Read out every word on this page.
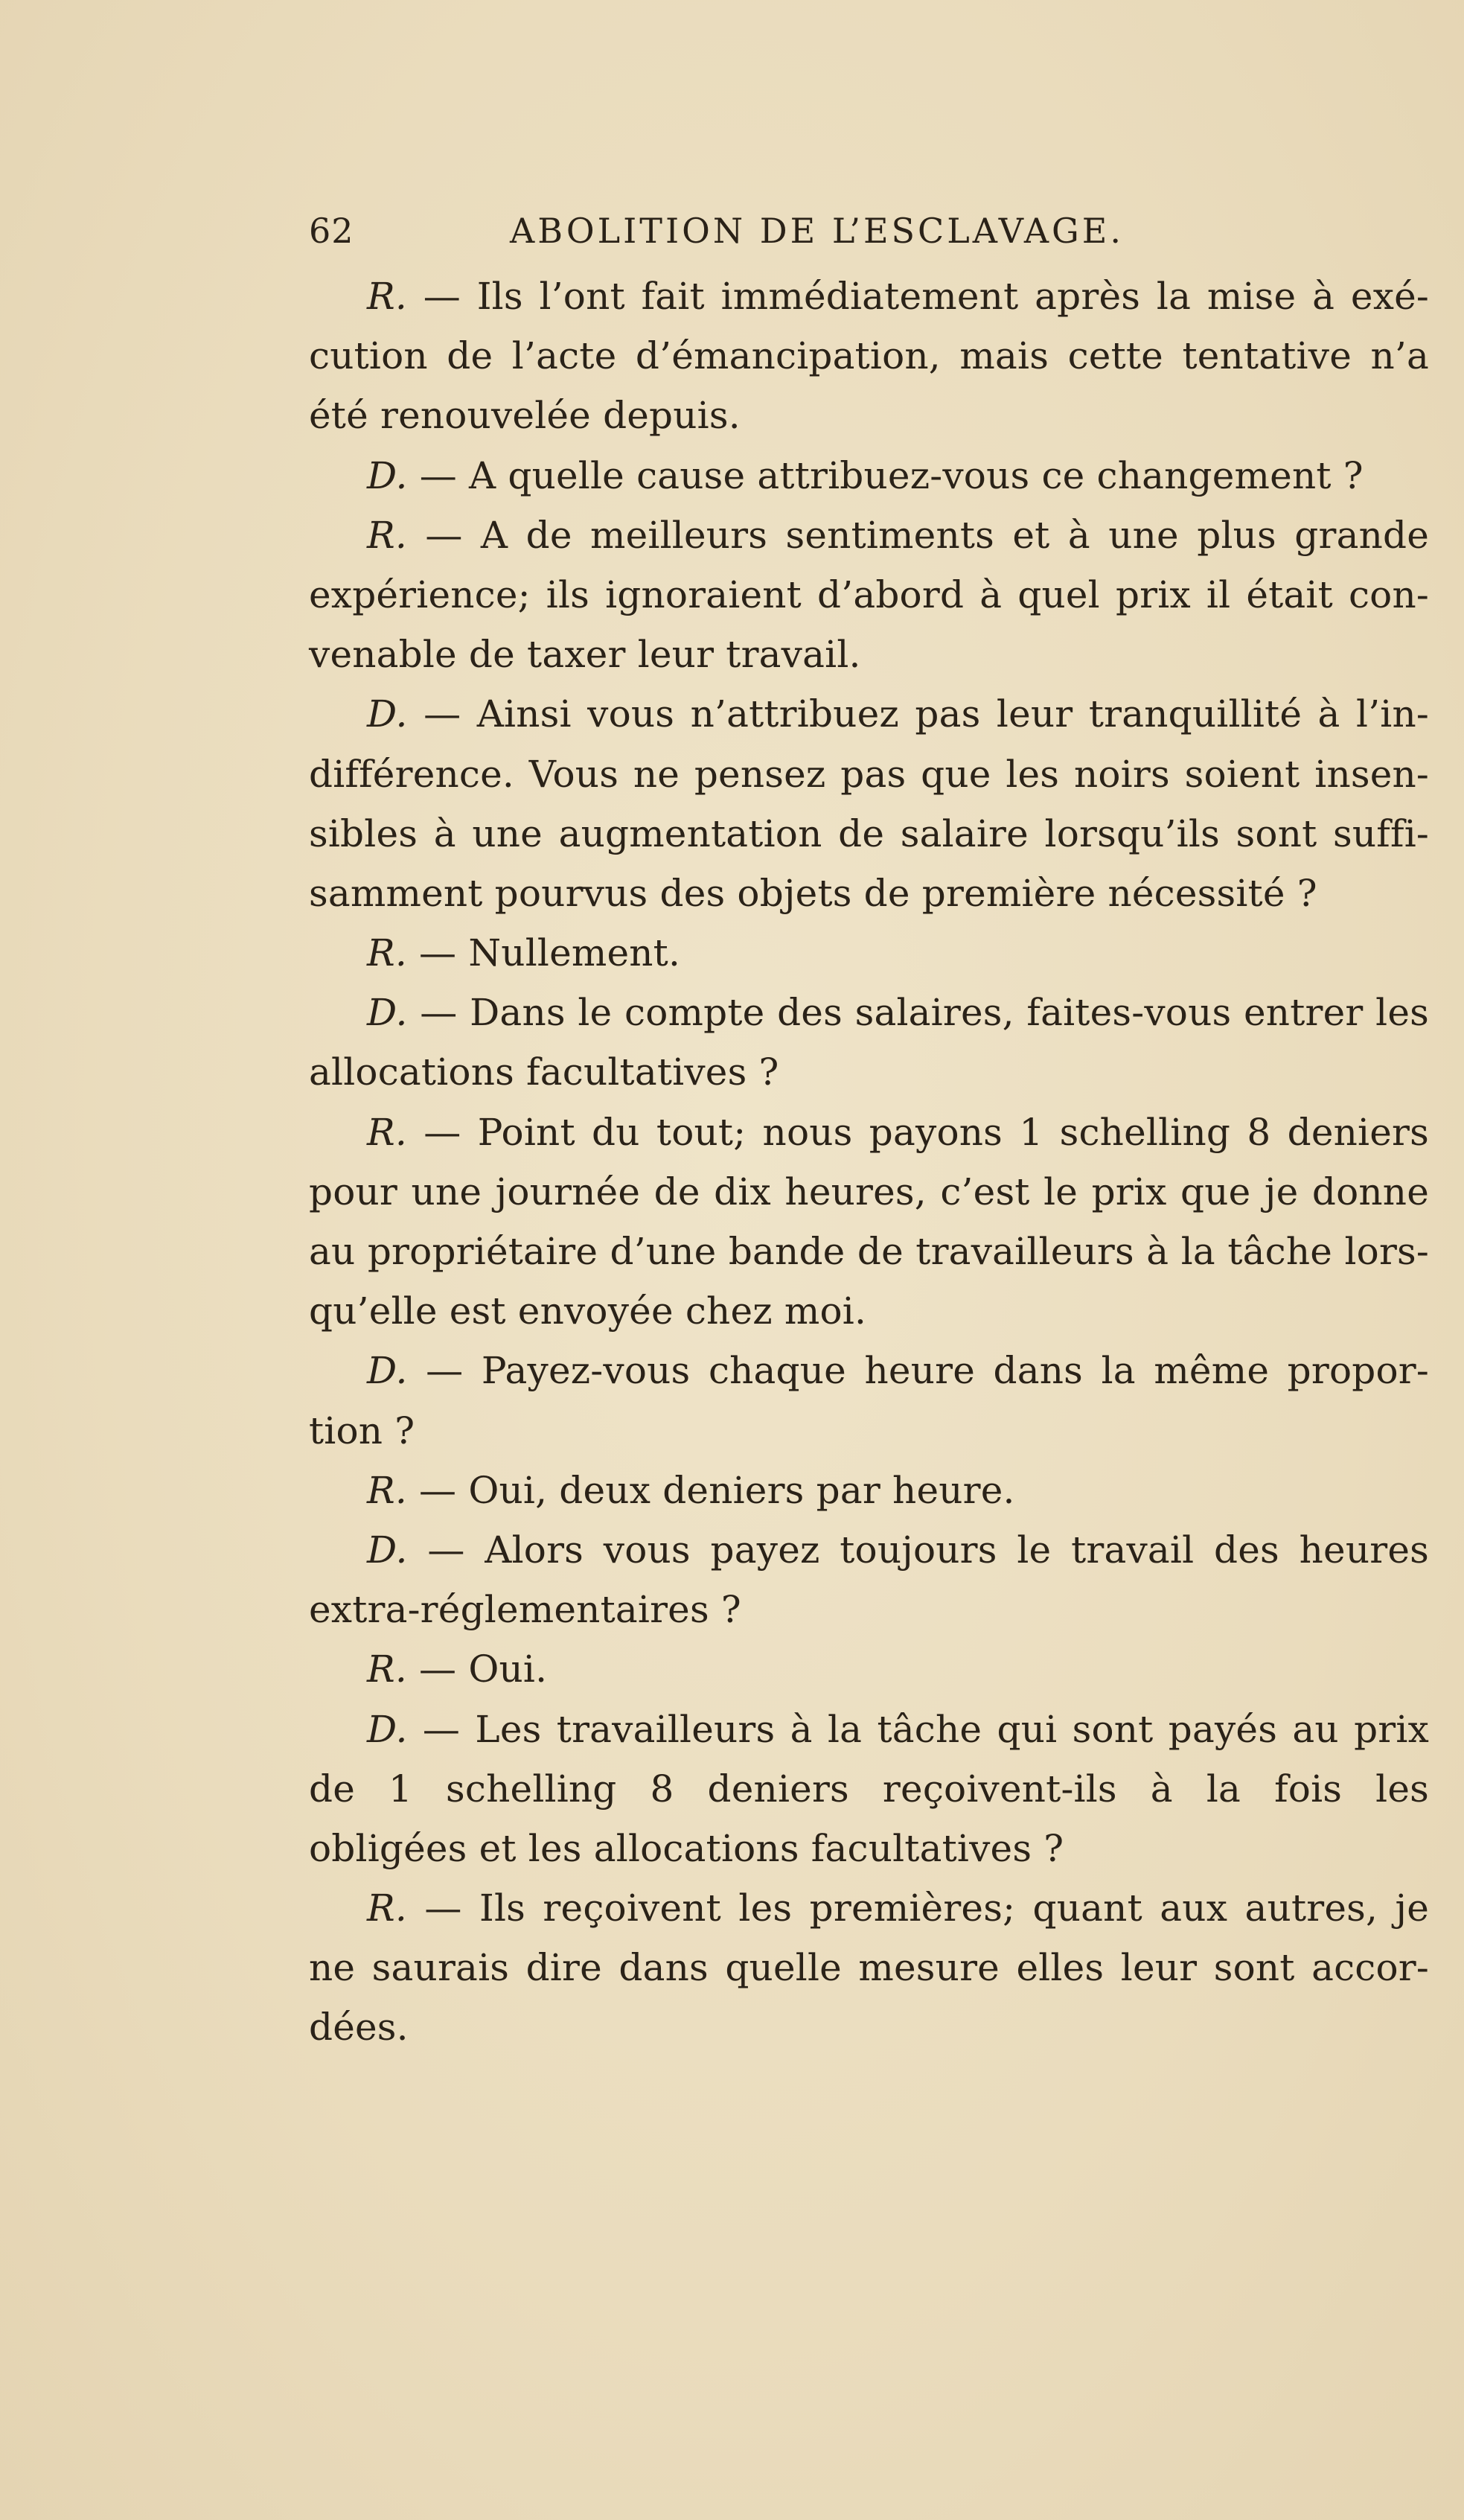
62	ABOLITION DE L’ESCLAVAGE.
R. — Ils l’ont fait immédiatement après la mise à exé-
cution de l’acte d’émancipation, mais cette tentative n’a
été renouvelée depuis.
D. — A quelle cause attribuez-vous ce changement ?
R. — A de meilleurs sentiments et à une plus grande
expérience; ils ignoraient d’abord à quel prix il était con-
venable de taxer leur travail.
D. — Ainsi vous n’attribuez pas leur tranquillité à l’in-
différence. Vous ne pensez pas que les noirs soient insen-
sibles à une augmentation de salaire lorsqu’ils sont suffi-
samment pourvus des objets de première nécessité ?
R. — Nullement.
D. — Dans le compte des salaires, faites-vous entrer les
allocations facultatives ?
R. — Point du tout; nous payons 1 schelling 8 deniers
pour une journée de dix heures, c’est le prix que je donne
au propriétaire d’une bande de travailleurs à la tâche lors-
qu’elle est envoyée chez moi.
D. — Payez-vous chaque heure dans la même propor-
tion ?
R. — Oui, deux deniers par heure.
D. — Alors vous payez toujours le travail des heures
extra-réglementaires ?
R. — Oui.
D. — Les travailleurs à la tâche qui sont payés au prix
de 1 schelling 8 deniers reçoivent-ils à la fois les
obligées et les allocations facultatives ?
R. — Ils reçoivent les premières; quant aux autres, je
ne saurais dire dans quelle mesure elles leur sont accor-
dées.
